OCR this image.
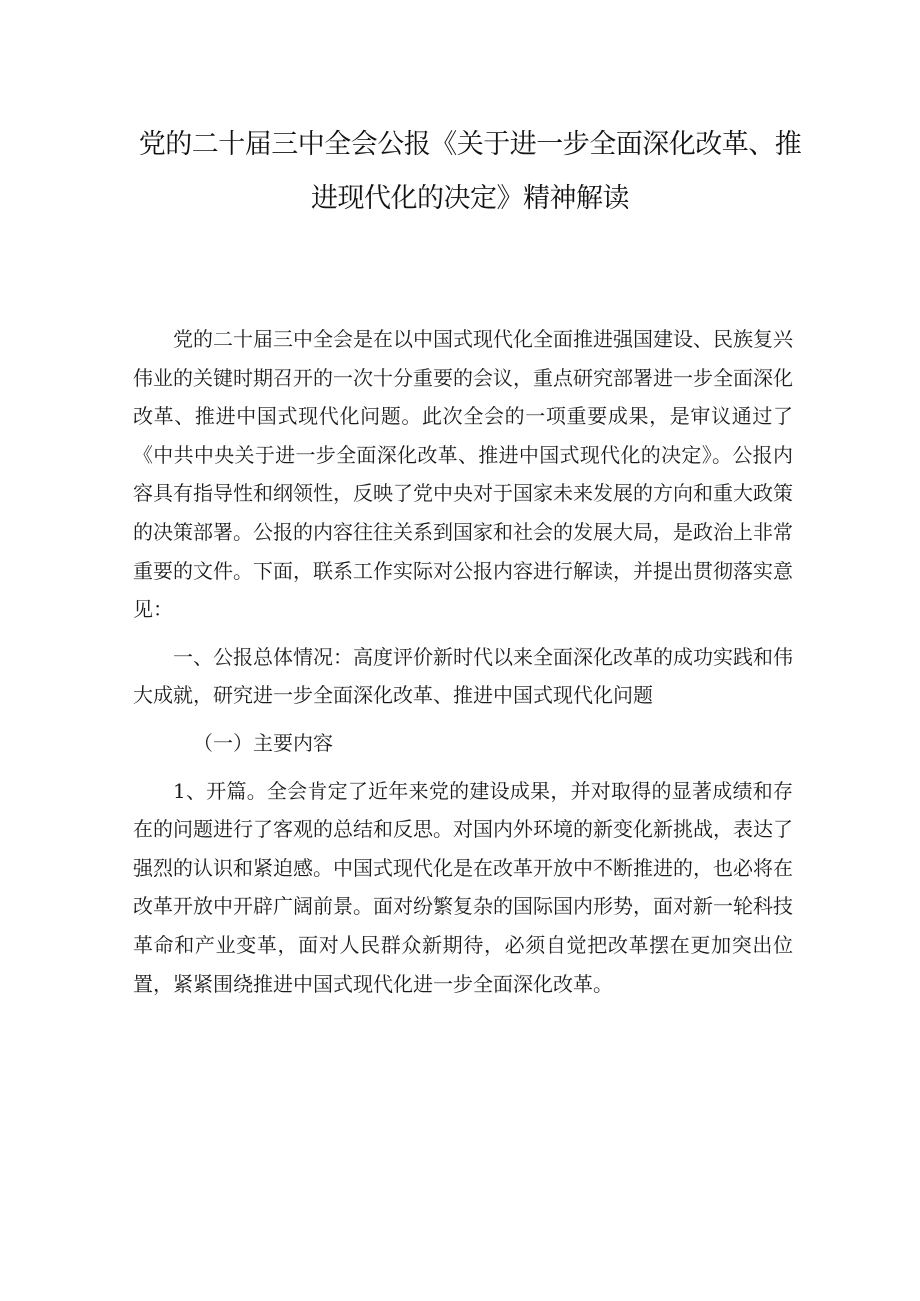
党的二十届三中全会公报《关于进一步全面深化改革、推
进现代化的决定》精神解读

党的二十届三中全会是在以中国式现代化全面推进强国建设、民族复兴伟业的关键时期召开的一次十分重要的会议，重点研究部署进一步全面深化改革、推进中国式现代化问题。此次全会的一项重要成果，是审议通过了《中共中央关于进一步全面深化改革、推进中国式现代化的决定》。公报内容具有指导性和纲领性，反映了党中央对于国家未来发展的方向和重大政策的决策部署。公报的内容往往关系到国家和社会的发展大局，是政治上非常重要的文件。下面，联系工作实际对公报内容进行解读，并提出贯彻落实意见：

一、公报总体情况：高度评价新时代以来全面深化改革的成功实践和伟大成就，研究进一步全面深化改革、推进中国式现代化问题

（一）主要内容

1、开篇。全会肯定了近年来党的建设成果，并对取得的显著成绩和存在的问题进行了客观的总结和反思。对国内外环境的新变化新挑战，表达了强烈的认识和紧迫感。中国式现代化是在改革开放中不断推进的，也必将在改革开放中开辟广阔前景。面对纷繁复杂的国际国内形势，面对新一轮科技革命和产业变革，面对人民群众新期待，必须自觉把改革摆在更加突出位置，紧紧围绕推进中国式现代化进一步全面深化改革。
